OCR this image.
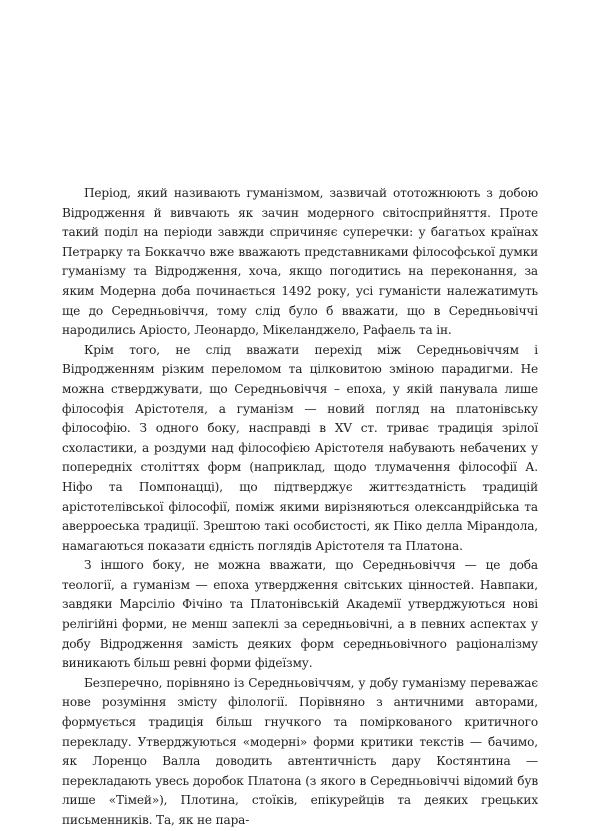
Період, який називають гуманізмом, зазвичай ототожнюють з добою Відродження й вивчають як зачин модерного світосприйняття. Проте такий поділ на періоди завжди спричиняє суперечки: у багатьох країнах Петрарку та Боккаччо вже вважають представниками філософської думки гуманізму та Відродження, хоча, якщо погодитись на переконання, за яким Модерна доба починається 1492 року, усі гуманісти належатимуть ще до Середньовіччя, тому слід було б вважати, що в Середньовіччі народились Аріосто, Леонардо, Мікеланджело, Рафаель та ін.

Крім того, не слід вважати перехід між Середньовіччям і Відродженням різким переломом та цілковитою зміною парадигми. Не можна стверджувати, що Середньовіччя – епоха, у якій панувала лише філософія Арістотеля, а гуманізм — новий погляд на платонівську філософію. З одного боку, насправді в XV ст. триває традиція зрілої схоластики, а роздуми над філософією Арістотеля набувають небачених у попередніх століттях форм (наприклад, щодо тлумачення філософії А. Ніфо та Помпонацці), що підтверджує життєздатність традицій арістотелівської філософії, поміж якими вирізняються олександрійська та аверроеська традиції. Зрештою такі особистості, як Піко делла Мірандола, намагаються показати єдність поглядів Арістотеля та Платона.

З іншого боку, не можна вважати, що Середньовіччя — це доба теології, а гуманізм — епоха утвердження світських цінностей. Навпаки, завдяки Марсіліо Фічіно та Платонівській Академії утверджуються нові релігійні форми, не менш запеклі за середньовічні, а в певних аспектах у добу Відродження замість деяких форм середньовічного раціоналізму виникають більш ревні форми фідеїзму.

Безперечно, порівняно із Середньовіччям, у добу гуманізму переважає нове розуміння змісту філології. Порівняно з античними авторами, формується традиція більш гнучкого та поміркованого критичного перекладу. Утверджуються «модерні» форми критики текстів — бачимо, як Лоренцо Валла доводить автентичність дару Костянтина — перекладають увесь доробок Платона (з якого в Середньовіччі відомий був лише «Тімей»), Плотина, стоїків, епікурейців та деяких грецьких письменників. Та, як не пара-
